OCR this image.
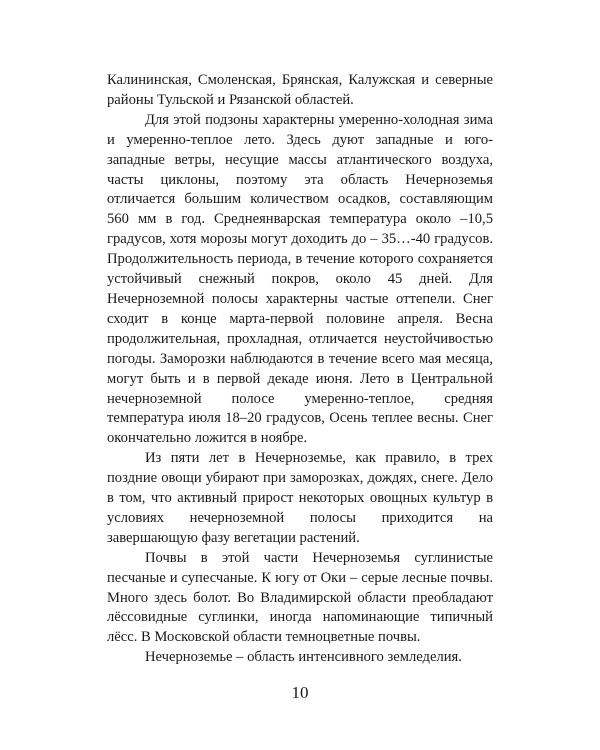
Калининская, Смоленская, Брянская, Калужская и северные районы Тульской и Рязанской областей.

Для этой подзоны характерны умеренно-холодная зима и умеренно-теплое лето. Здесь дуют западные и юго-западные ветры, несущие массы атлантического воздуха, часты циклоны, поэтому эта область Нечерноземья отличается большим количеством осадков, составляющим 560 мм в год. Среднеянварская температура около –10,5 градусов, хотя морозы могут доходить до – 35…-40 градусов. Продолжительность периода, в течение которого сохраняется устойчивый снежный покров, около 45 дней. Для Нечерноземной полосы характерны частые оттепели. Снег сходит в конце марта-первой половине апреля. Весна продолжительная, прохладная, отличается неустойчивостью погоды. Заморозки наблюдаются в течение всего мая месяца, могут быть и в первой декаде июня. Лето в Центральной нечерноземной полосе умеренно-теплое, средняя температура июля 18–20 градусов, Осень теплее весны. Снег окончательно ложится в ноябре.

Из пяти лет в Нечерноземье, как правило, в трех поздние овощи убирают при заморозках, дождях, снеге. Дело в том, что активный прирост некоторых овощных культур в условиях нечерноземной полосы приходится на завершающую фазу вегетации растений.

Почвы в этой части Нечерноземья суглинистые песчаные и супесчаные. К югу от Оки – серые лесные почвы. Много здесь болот. Во Владимирской области преобладают лёссовидные суглинки, иногда напоминающие типичный лёсс. В Московской области темноцветные почвы.

Нечерноземье – область интенсивного земледелия.

10
